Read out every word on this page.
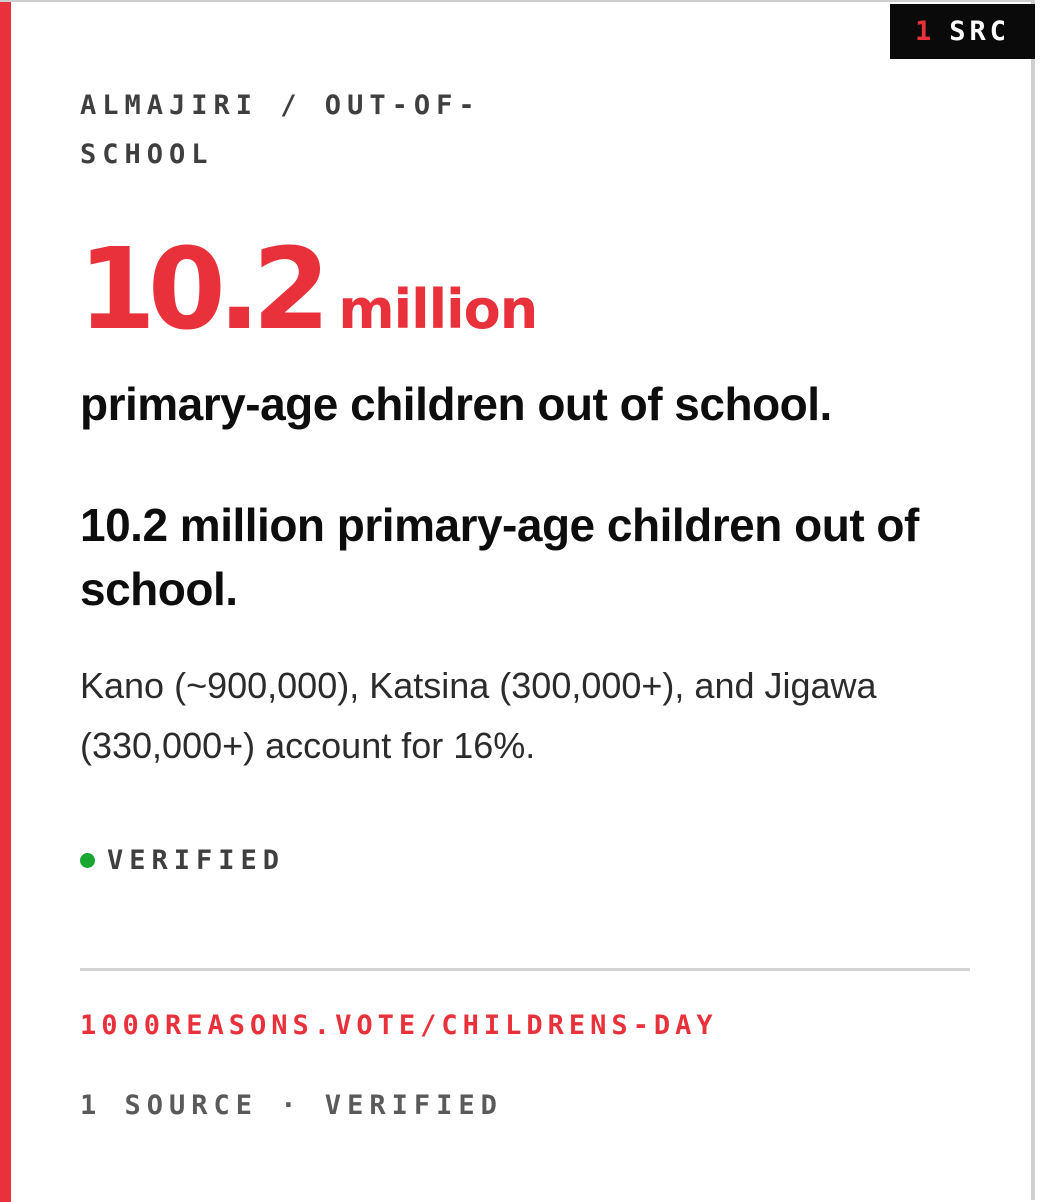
1 SRC
ALMAJIRI / OUT-OF-SCHOOL
10.2 million
primary-age children out of school.
10.2 million primary-age children out of school.
Kano (~900,000), Katsina (300,000+), and Jigawa (330,000+) account for 16%.
VERIFIED
1000REASONS.VOTE/CHILDRENS-DAY
1 SOURCE · VERIFIED
